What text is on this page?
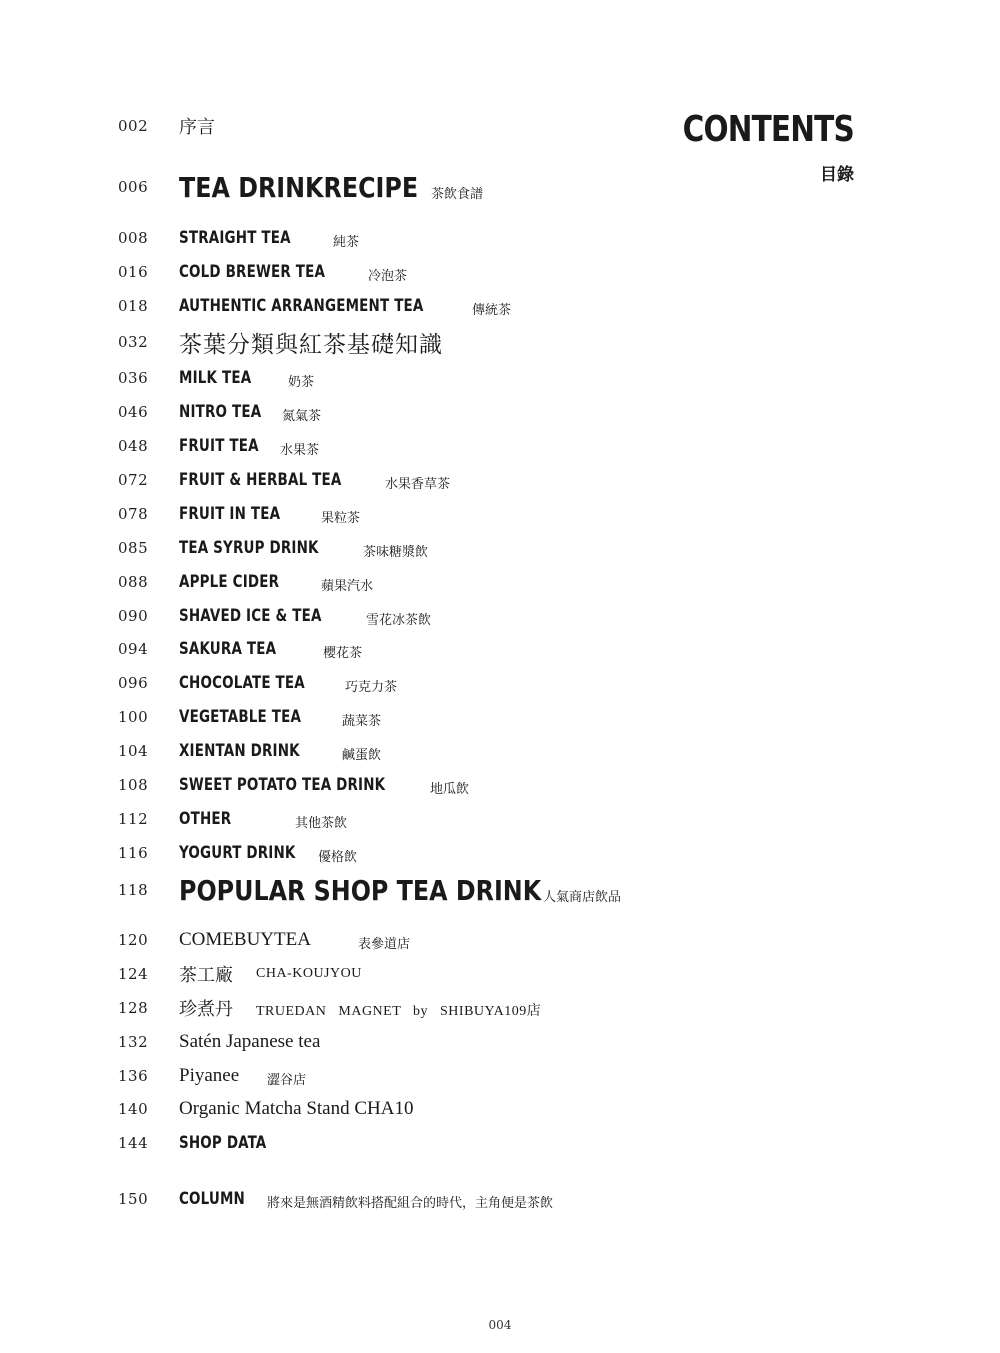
CONTENTS
目錄
002	序言
006	TEA DRINKRECIPE 茶飲食譜
008	STRAIGHT TEA	純茶
016	COLD BREWER TEA	冷泡茶
018	AUTHENTIC ARRANGEMENT TEA	傳統茶
032	茶葉分類與紅茶基礎知識
036	MILK TEA	奶茶
046	NITRO TEA 氮氣茶
048	FRUIT TEA 水果茶
072	FRUIT & HERBAL TEA	水果香草茶
078	FRUIT IN TEA	果粒茶
085	TEA SYRUP DRINK	茶味糖漿飲
088	APPLE CIDER	蘋果汽水
090	SHAVED ICE & TEA	雪花冰茶飲
094	SAKURA TEA	櫻花茶
096	CHOCOLATE TEA	巧克力茶
100	VEGETABLE TEA	蔬菜茶
104	XIENTAN DRINK	鹹蛋飲
108	SWEET POTATO TEA DRINK	地瓜飲
112	OTHER	其他茶飲
116	YOGURT DRINK 優格飲
118	POPULAR SHOP TEA DRINK 人氣商店飲品
120	COMEBUYTEA	表參道店
124	茶工廠 CHA-KOUJYOU
128	珍煮丹 TRUEDAN MAGNET by SHIBUYA109店
132	Satén Japanese tea
136	Piyanee 澀谷店
140	Organic Matcha Stand CHA10
144	SHOP DATA
150	COLUMN 將來是無酒精飲料搭配組合的時代，主角便是茶飲
004
